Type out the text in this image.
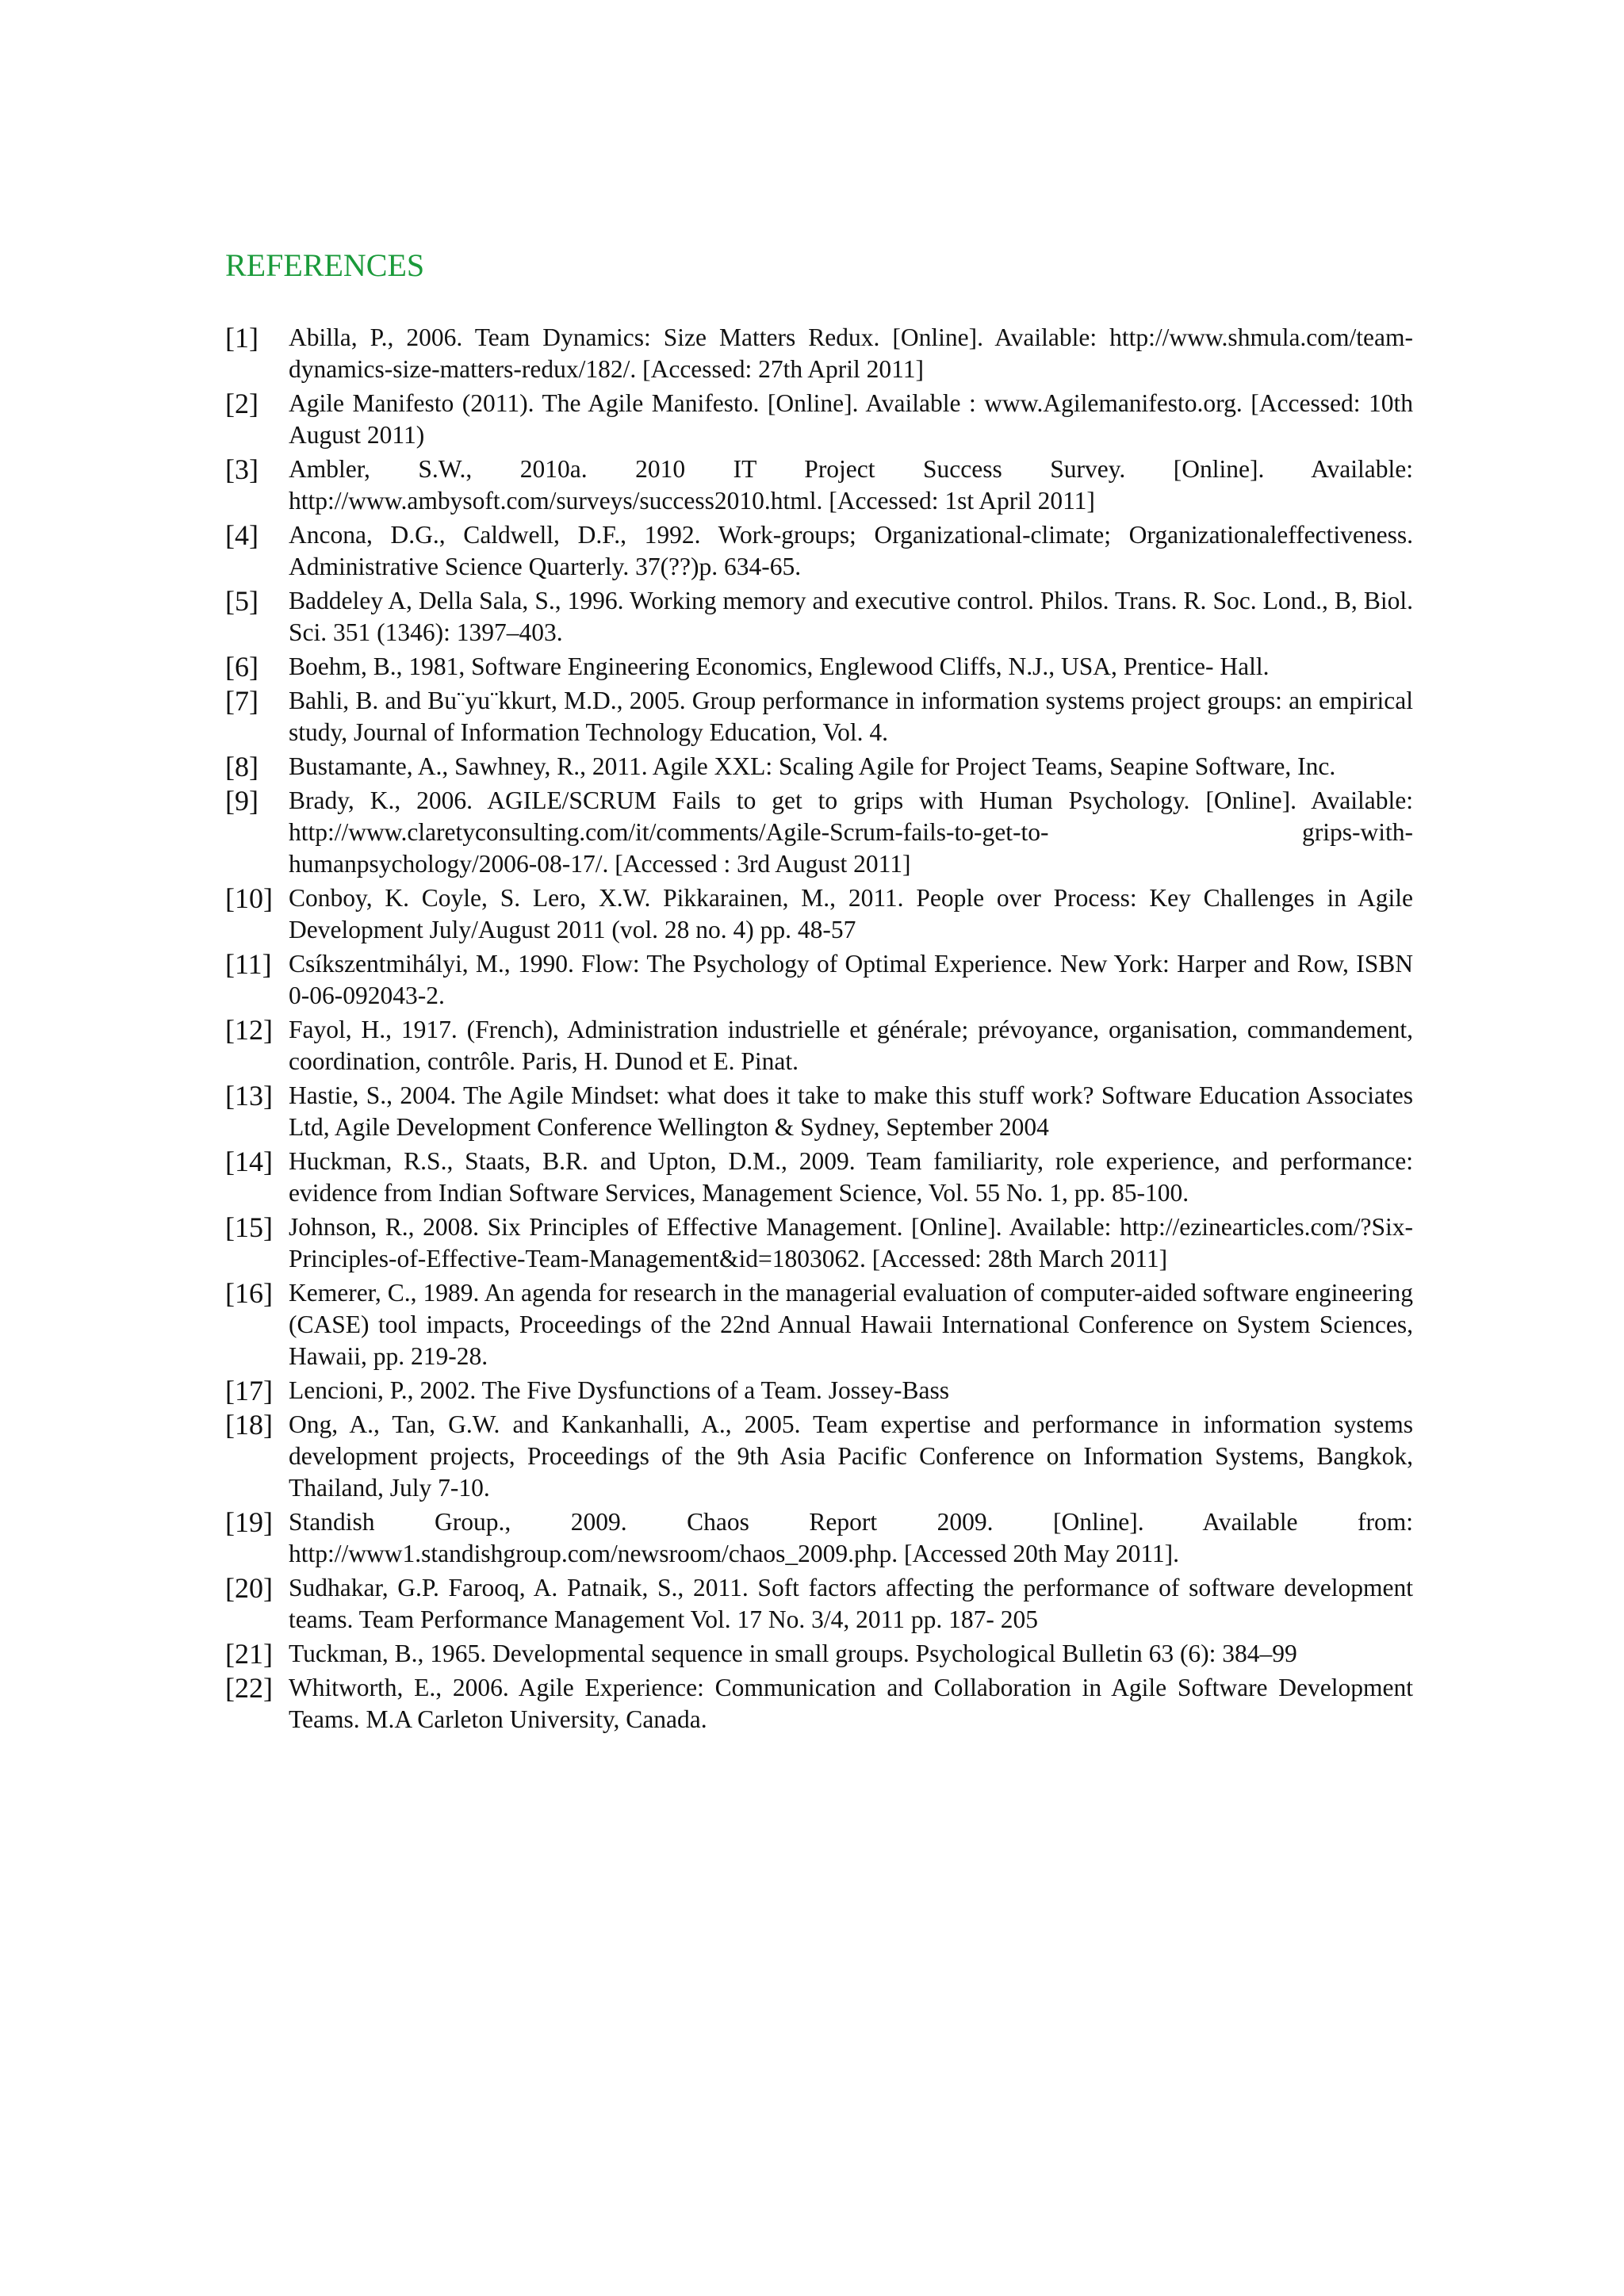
REFERENCES
[1] Abilla, P., 2006. Team Dynamics: Size Matters Redux. [Online]. Available: http://www.shmula.com/team-dynamics-size-matters-redux/182/. [Accessed: 27th April 2011]
[2] Agile Manifesto (2011). The Agile Manifesto. [Online]. Available : www.Agilemanifesto.org. [Accessed: 10th August 2011)
[3] Ambler, S.W., 2010a. 2010 IT Project Success Survey. [Online]. Available: http://www.ambysoft.com/surveys/success2010.html. [Accessed: 1st April 2011]
[4] Ancona, D.G., Caldwell, D.F., 1992. Work-groups; Organizational-climate; Organizationaleffectiveness. Administrative Science Quarterly. 37(??)p. 634-65.
[5] Baddeley A, Della Sala, S., 1996. Working memory and executive control. Philos. Trans. R. Soc. Lond., B, Biol. Sci. 351 (1346): 1397–403.
[6] Boehm, B., 1981, Software Engineering Economics, Englewood Cliffs, N.J., USA, Prentice- Hall.
[7] Bahli, B. and Bu¨yu¨kkurt, M.D., 2005. Group performance in information systems project groups: an empirical study, Journal of Information Technology Education, Vol. 4.
[8] Bustamante, A., Sawhney, R., 2011. Agile XXL: Scaling Agile for Project Teams, Seapine Software, Inc.
[9] Brady, K., 2006. AGILE/SCRUM Fails to get to grips with Human Psychology. [Online]. Available: http://www.claretyconsulting.com/it/comments/Agile-Scrum-fails-to-get-to- grips-with-humanpsychology/2006-08-17/. [Accessed : 3rd August 2011]
[10] Conboy, K. Coyle, S. Lero, X.W. Pikkarainen, M., 2011. People over Process: Key Challenges in Agile Development July/August 2011 (vol. 28 no. 4) pp. 48-57
[11] Csíkszentmihályi, M., 1990. Flow: The Psychology of Optimal Experience. New York: Harper and Row, ISBN 0-06-092043-2.
[12] Fayol, H., 1917. (French), Administration industrielle et générale; prévoyance, organisation, commandement, coordination, contrôle. Paris, H. Dunod et E. Pinat.
[13] Hastie, S., 2004. The Agile Mindset: what does it take to make this stuff work? Software Education Associates Ltd, Agile Development Conference Wellington & Sydney, September 2004
[14] Huckman, R.S., Staats, B.R. and Upton, D.M., 2009. Team familiarity, role experience, and performance: evidence from Indian Software Services, Management Science, Vol. 55 No. 1, pp. 85-100.
[15] Johnson, R., 2008. Six Principles of Effective Management. [Online]. Available: http://ezinearticles.com/?Six-Principles-of-Effective-Team-Management&id=1803062. [Accessed: 28th March 2011]
[16] Kemerer, C., 1989. An agenda for research in the managerial evaluation of computer-aided software engineering (CASE) tool impacts, Proceedings of the 22nd Annual Hawaii International Conference on System Sciences, Hawaii, pp. 219-28.
[17] Lencioni, P., 2002. The Five Dysfunctions of a Team. Jossey-Bass
[18] Ong, A., Tan, G.W. and Kankanhalli, A., 2005. Team expertise and performance in information systems development projects, Proceedings of the 9th Asia Pacific Conference on Information Systems, Bangkok, Thailand, July 7-10.
[19] Standish Group., 2009. Chaos Report 2009. [Online]. Available from: http://www1.standishgroup.com/newsroom/chaos_2009.php. [Accessed 20th May 2011].
[20] Sudhakar, G.P. Farooq, A. Patnaik, S., 2011. Soft factors affecting the performance of software development teams. Team Performance Management Vol. 17 No. 3/4, 2011 pp. 187- 205
[21] Tuckman, B., 1965. Developmental sequence in small groups. Psychological Bulletin 63 (6): 384–99
[22] Whitworth, E., 2006. Agile Experience: Communication and Collaboration in Agile Software Development Teams. M.A Carleton University, Canada.
